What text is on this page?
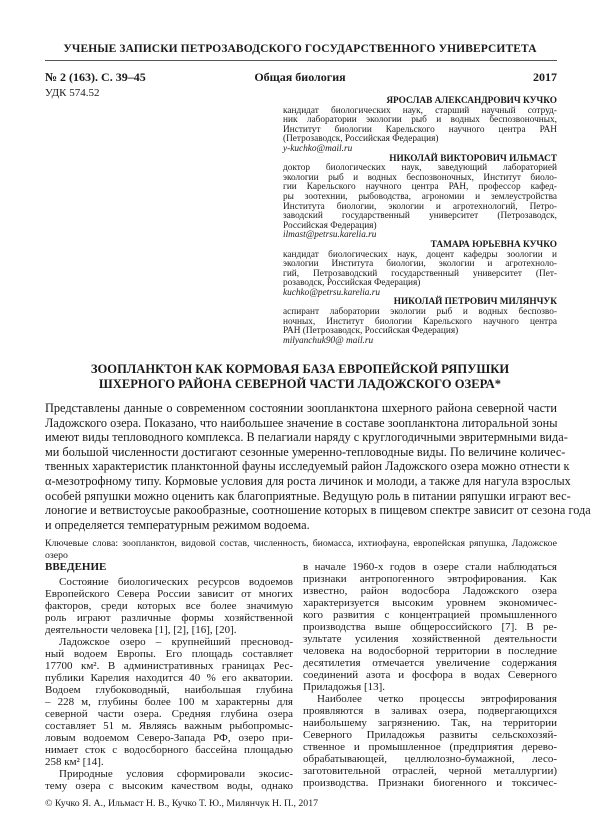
УЧЕНЫЕ ЗАПИСКИ ПЕТРОЗАВОДСКОГО ГОСУДАРСТВЕННОГО УНИВЕРСИТЕТА
№ 2 (163). С. 39–45	Общая биология	2017
УДК 574.52
ЯРОСЛАВ АЛЕКСАНДРОВИЧ КУЧКО
кандидат биологических наук, старший научный сотруд-
ник лаборатории экологии рыб и водных беспозвоночных,
Институт биологии Карельского научного центра РАН
(Петрозаводск, Российская Федерация)
y-kuchko@mail.ru
НИКОЛАЙ ВИКТОРОВИЧ ИЛЬМАСТ
доктор биологических наук, заведующий лабораторией
экологии рыб и водных беспозвоночных, Институт биоло-
гии Карельского научного центра РАН, профессор кафед-
ры зоотехнии, рыбоводства, агрономии и землеустройства
Института биологии, экологии и агротехнологий, Петро-
заводский государственный университет (Петрозаводск,
Российская Федерация)
ilmast@petrsu.karelia.ru
ТАМАРА ЮРЬЕВНА КУЧКО
кандидат биологических наук, доцент кафедры зоологии и
экологии Института биологии, экологии и агротехноло-
гий, Петрозаводский государственный университет (Пет-
розаводск, Российская Федерация)
kuchko@petrsu.karelia.ru
НИКОЛАЙ ПЕТРОВИЧ МИЛЯНЧУК
аспирант лаборатории экологии рыб и водных беспозво-
ночных, Институт биологии Карельского научного центра
РАН (Петрозаводск, Российская Федерация)
milyanchuk90@ mail.ru
ЗООПЛАНКТОН КАК КОРМОВАЯ БАЗА ЕВРОПЕЙСКОЙ РЯПУШКИ
ШХЕРНОГО РАЙОНА СЕВЕРНОЙ ЧАСТИ ЛАДОЖСКОГО ОЗЕРА*
Представлены данные о современном состоянии зоопланктона шхерного района северной части
Ладожского озера. Показано, что наибольшее значение в составе зоопланктона литоральной зоны
имеют виды тепловодного комплекса. В пелагиали наряду с круглогодичными эвритермными вида-
ми большой численности достигают сезонные умеренно-тепловодные виды. По величине количес-
твенных характеристик планктонной фауны исследуемый район Ладожского озера можно отнести к
α-мезотрофному типу. Кормовые условия для роста личинок и молоди, а также для нагула взрослых
особей ряпушки можно оценить как благоприятные. Ведущую роль в питании ряпушки играют вес-
лоногие и ветвистоусые ракообразные, соотношение которых в пищевом спектре зависит от сезона года
и определяется температурным режимом водоема.
Ключевые слова: зоопланктон, видовой состав, численность, биомасса, ихтиофауна, европейская ряпушка, Ладожское
озеро
ВВЕДЕНИЕ
Состояние биологических ресурсов водоемов
Европейского Севера России зависит от многих
факторов, среди которых все более значимую
роль играют различные формы хозяйственной
деятельности человека [1], [2], [16], [20].
Ладожское озеро – крупнейший пресновод-
ный водоем Европы. Его площадь составляет
17700 км². В административных границах Рес-
публики Карелия находится 40 % его акватории.
Водоем глубоководный, наибольшая глубина
– 228 м, глубины более 100 м характерны для
северной части озера. Средняя глубина озера
составляет 51 м. Являясь важным рыбопромыс-
ловым водоемом Северо-Запада РФ, озеро при-
нимает сток с водосборного бассейна площадью
258 км² [14].
Природные условия сформировали экосис-
тему озера с высоким качеством воды, однако
в начале 1960-х годов в озере стали наблюдаться
признаки антропогенного эвтрофирования. Как
известно, район водосбора Ладожского озера
характеризуется высоким уровнем экономичес-
кого развития с концентрацией промышленного
производства выше общероссийского [7]. В ре-
зультате усиления хозяйственной деятельности
человека на водосборной территории в последние
десятилетия отмечается увеличение содержания
соединений азота и фосфора в водах Северного
Приладожья [13].
Наиболее четко процессы эвтрофирования
проявляются в заливах озера, подвергающихся
наибольшему загрязнению. Так, на территории
Северного Приладожья развиты сельскохозяй-
ственное и промышленное (предприятия дерево-
обрабатывающей, целлюлозно-бумажной, лесо-
заготовительной отраслей, черной металлургии)
производства. Признаки биогенного и токсичес-
© Кучко Я. А., Ильмаст Н. В., Кучко Т. Ю., Милянчук Н. П., 2017
